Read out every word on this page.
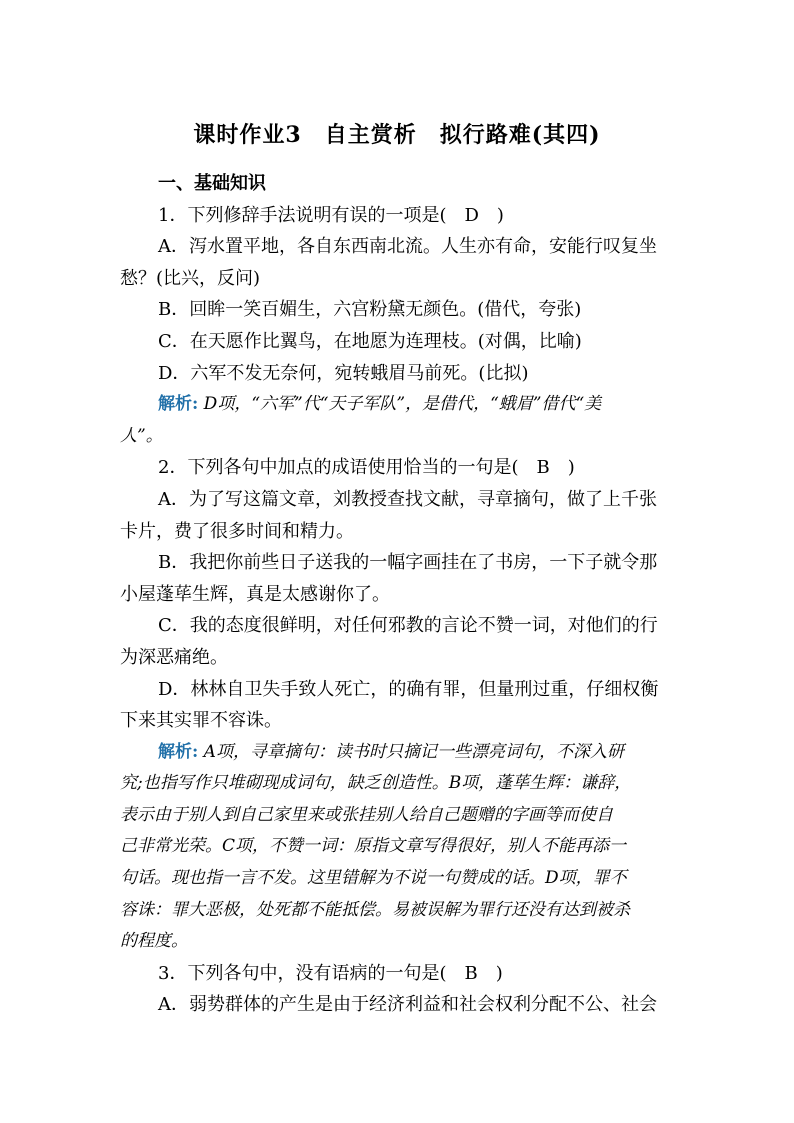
课时作业3　自主赏析　拟行路难(其四)
一、基础知识
1．下列修辞手法说明有误的一项是(　D　)
A．泻水置平地，各自东西南北流。人生亦有命，安能行叹复坐
愁？(比兴，反问)
B．回眸一笑百媚生，六宫粉黛无颜色。(借代，夸张)
C．在天愿作比翼鸟，在地愿为连理枝。(对偶，比喻)
D．六军不发无奈何，宛转蛾眉马前死。(比拟)
解析: D项，“六军”代“天子军队”，是借代，“蛾眉”借代“美
人”。
2．下列各句中加点的成语使用恰当的一句是(　B　)
A．为了写这篇文章，刘教授查找文献，寻章摘句，做了上千张
卡片，费了很多时间和精力。
B．我把你前些日子送我的一幅字画挂在了书房，一下子就令那
小屋蓬荜生辉，真是太感谢你了。
C．我的态度很鲜明，对任何邪教的言论不赞一词，对他们的行
为深恶痛绝。
D．林林自卫失手致人死亡，的确有罪，但量刑过重，仔细权衡
下来其实罪不容诛。
解析: A项，寻章摘句：读书时只摘记一些漂亮词句，不深入研
究;也指写作只堆砌现成词句，缺乏创造性。B项，蓬荜生辉：谦辞，
表示由于别人到自己家里来或张挂别人给自己题赠的字画等而使自
己非常光荣。C项，不赞一词：原指文章写得很好，别人不能再添一
句话。现也指一言不发。这里错解为不说一句赞成的话。D项，罪不
容诛：罪大恶极，处死都不能抵偿。易被误解为罪行还没有达到被杀
的程度。
3．下列各句中，没有语病的一句是(　B　)
A．弱势群体的产生是由于经济利益和社会权利分配不公、社会
